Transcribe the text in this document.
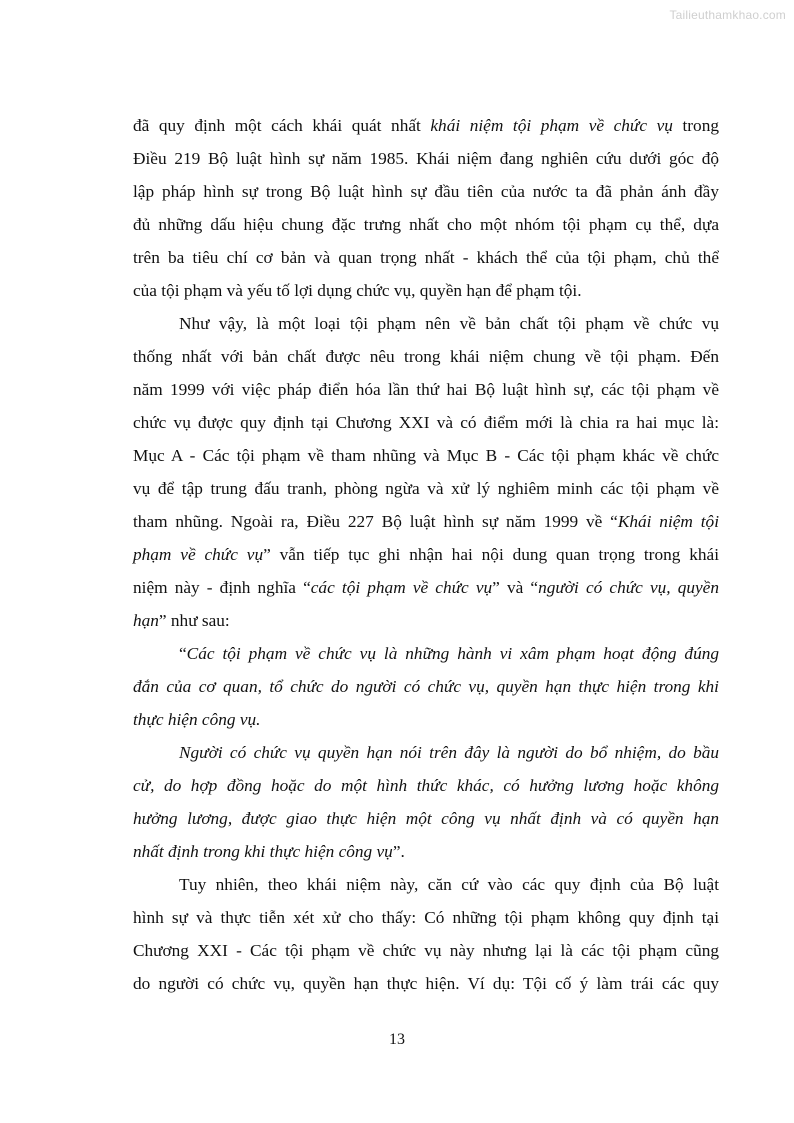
Tailieuthamkhao.com
đã quy định một cách khái quát nhất khái niệm tội phạm về chức vụ trong
Điều 219 Bộ luật hình sự năm 1985. Khái niệm đang nghiên cứu dưới góc độ
lập pháp hình sự trong Bộ luật hình sự đầu tiên của nước ta đã phản ánh đầy
đủ những dấu hiệu chung đặc trưng nhất cho một nhóm tội phạm cụ thể, dựa
trên ba tiêu chí cơ bản và quan trọng nhất - khách thể của tội phạm, chủ thể
của tội phạm và yếu tố lợi dụng chức vụ, quyền hạn để phạm tội.
Như vậy, là một loại tội phạm nên về bản chất tội phạm về chức vụ
thống nhất với bản chất được nêu trong khái niệm chung về tội phạm. Đến
năm 1999 với việc pháp điển hóa lần thứ hai Bộ luật hình sự, các tội phạm về
chức vụ được quy định tại Chương XXI và có điểm mới là chia ra hai mục là:
Mục A - Các tội phạm về tham nhũng và Mục B - Các tội phạm khác về chức
vụ để tập trung đấu tranh, phòng ngừa và xử lý nghiêm minh các tội phạm về
tham nhũng. Ngoài ra, Điều 227 Bộ luật hình sự năm 1999 về “Khái niệm tội
phạm về chức vụ” vẫn tiếp tục ghi nhận hai nội dung quan trọng trong khái
niệm này - định nghĩa “các tội phạm về chức vụ” và “người có chức vụ, quyền
hạn” như sau:
“Các tội phạm về chức vụ là những hành vi xâm phạm hoạt động đúng
đắn của cơ quan, tổ chức do người có chức vụ, quyền hạn thực hiện trong khi
thực hiện công vụ.
Người có chức vụ quyền hạn nói trên đây là người do bổ nhiệm, do bầu
cử, do hợp đồng hoặc do một hình thức khác, có hưởng lương hoặc không
hưởng lương, được giao thực hiện một công vụ nhất định và có quyền hạn
nhất định trong khi thực hiện công vụ”.
Tuy nhiên, theo khái niệm này, căn cứ vào các quy định của Bộ luật
hình sự và thực tiễn xét xử cho thấy: Có những tội phạm không quy định tại
Chương XXI - Các tội phạm về chức vụ này nhưng lại là các tội phạm cũng
do người có chức vụ, quyền hạn thực hiện. Ví dụ: Tội cố ý làm trái các quy
13
